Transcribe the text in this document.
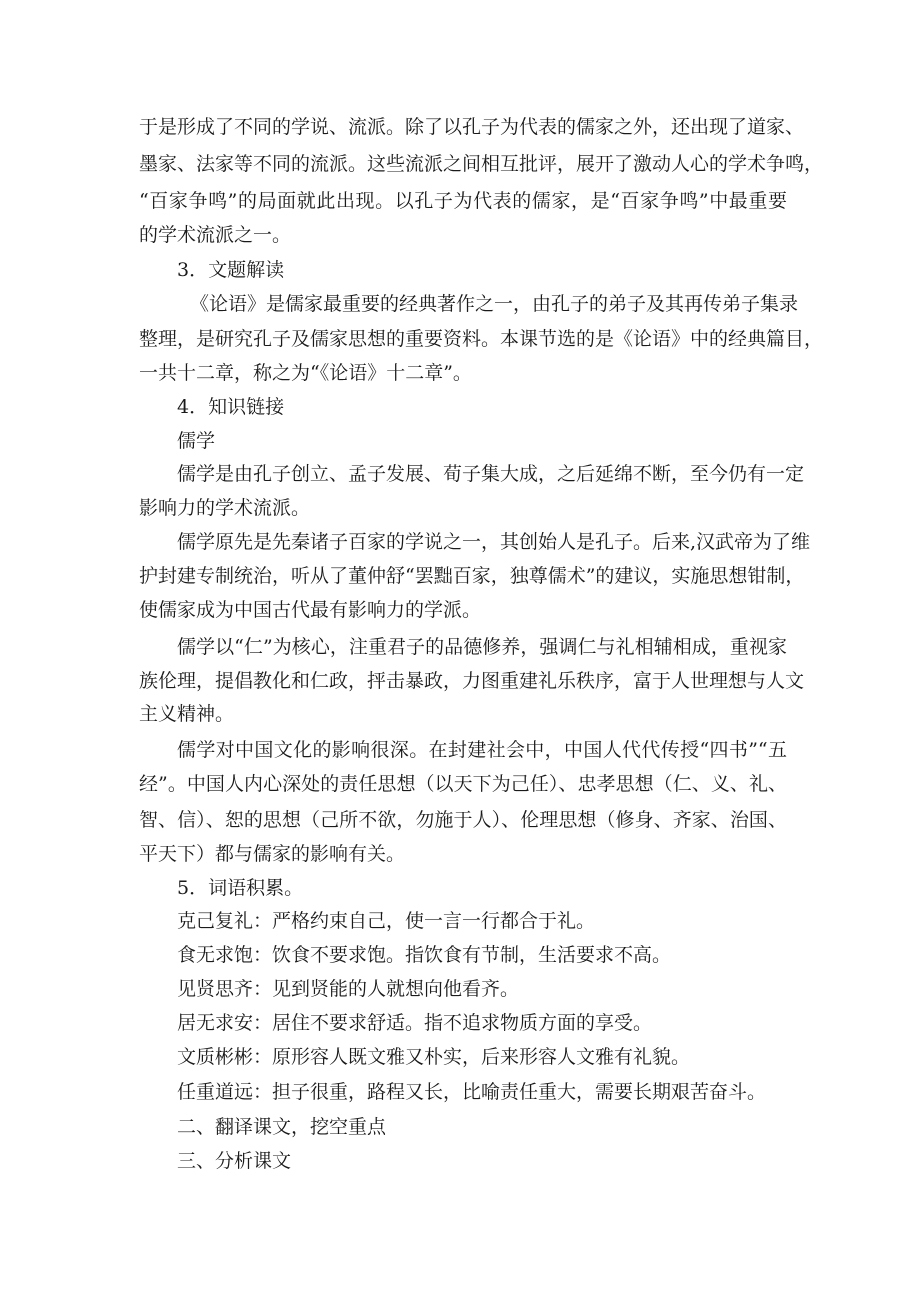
于是形成了不同的学说、流派。除了以孔子为代表的儒家之外，还出现了道家、
墨家、法家等不同的流派。这些流派之间相互批评，展开了激动人心的学术争鸣，
“百家争鸣”的局面就此出现。以孔子为代表的儒家，是“百家争鸣”中最重要
的学术流派之一。
3．文题解读
《论语》是儒家最重要的经典著作之一，由孔子的弟子及其再传弟子集录
整理，是研究孔子及儒家思想的重要资料。本课节选的是《论语》中的经典篇目，
一共十二章，称之为“《论语》十二章”。
4．知识链接
儒学
儒学是由孔子创立、孟子发展、荀子集大成，之后延绵不断，至今仍有一定
影响力的学术流派。
儒学原先是先秦诸子百家的学说之一，其创始人是孔子。后来,汉武帝为了维
护封建专制统治，听从了董仲舒“罢黜百家，独尊儒术”的建议，实施思想钳制，
使儒家成为中国古代最有影响力的学派。
儒学以“仁”为核心，注重君子的品德修养，强调仁与礼相辅相成，重视家
族伦理，提倡教化和仁政，抨击暴政，力图重建礼乐秩序，富于人世理想与人文
主义精神。
儒学对中国文化的影响很深。在封建社会中，中国人代代传授“四书”“五
经”。中国人内心深处的责任思想（以天下为己任）、忠孝思想（仁、义、礼、
智、信）、恕的思想（己所不欲，勿施于人）、伦理思想（修身、齐家、治国、
平天下）都与儒家的影响有关。
5．词语积累。
克己复礼：严格约束自己，使一言一行都合于礼。
食无求饱：饮食不要求饱。指饮食有节制，生活要求不高。
见贤思齐：见到贤能的人就想向他看齐。
居无求安：居住不要求舒适。指不追求物质方面的享受。
文质彬彬：原形容人既文雅又朴实，后来形容人文雅有礼貌。
任重道远：担子很重，路程又长，比喻责任重大，需要长期艰苦奋斗。
二、翻译课文，挖空重点
三、分析课文
